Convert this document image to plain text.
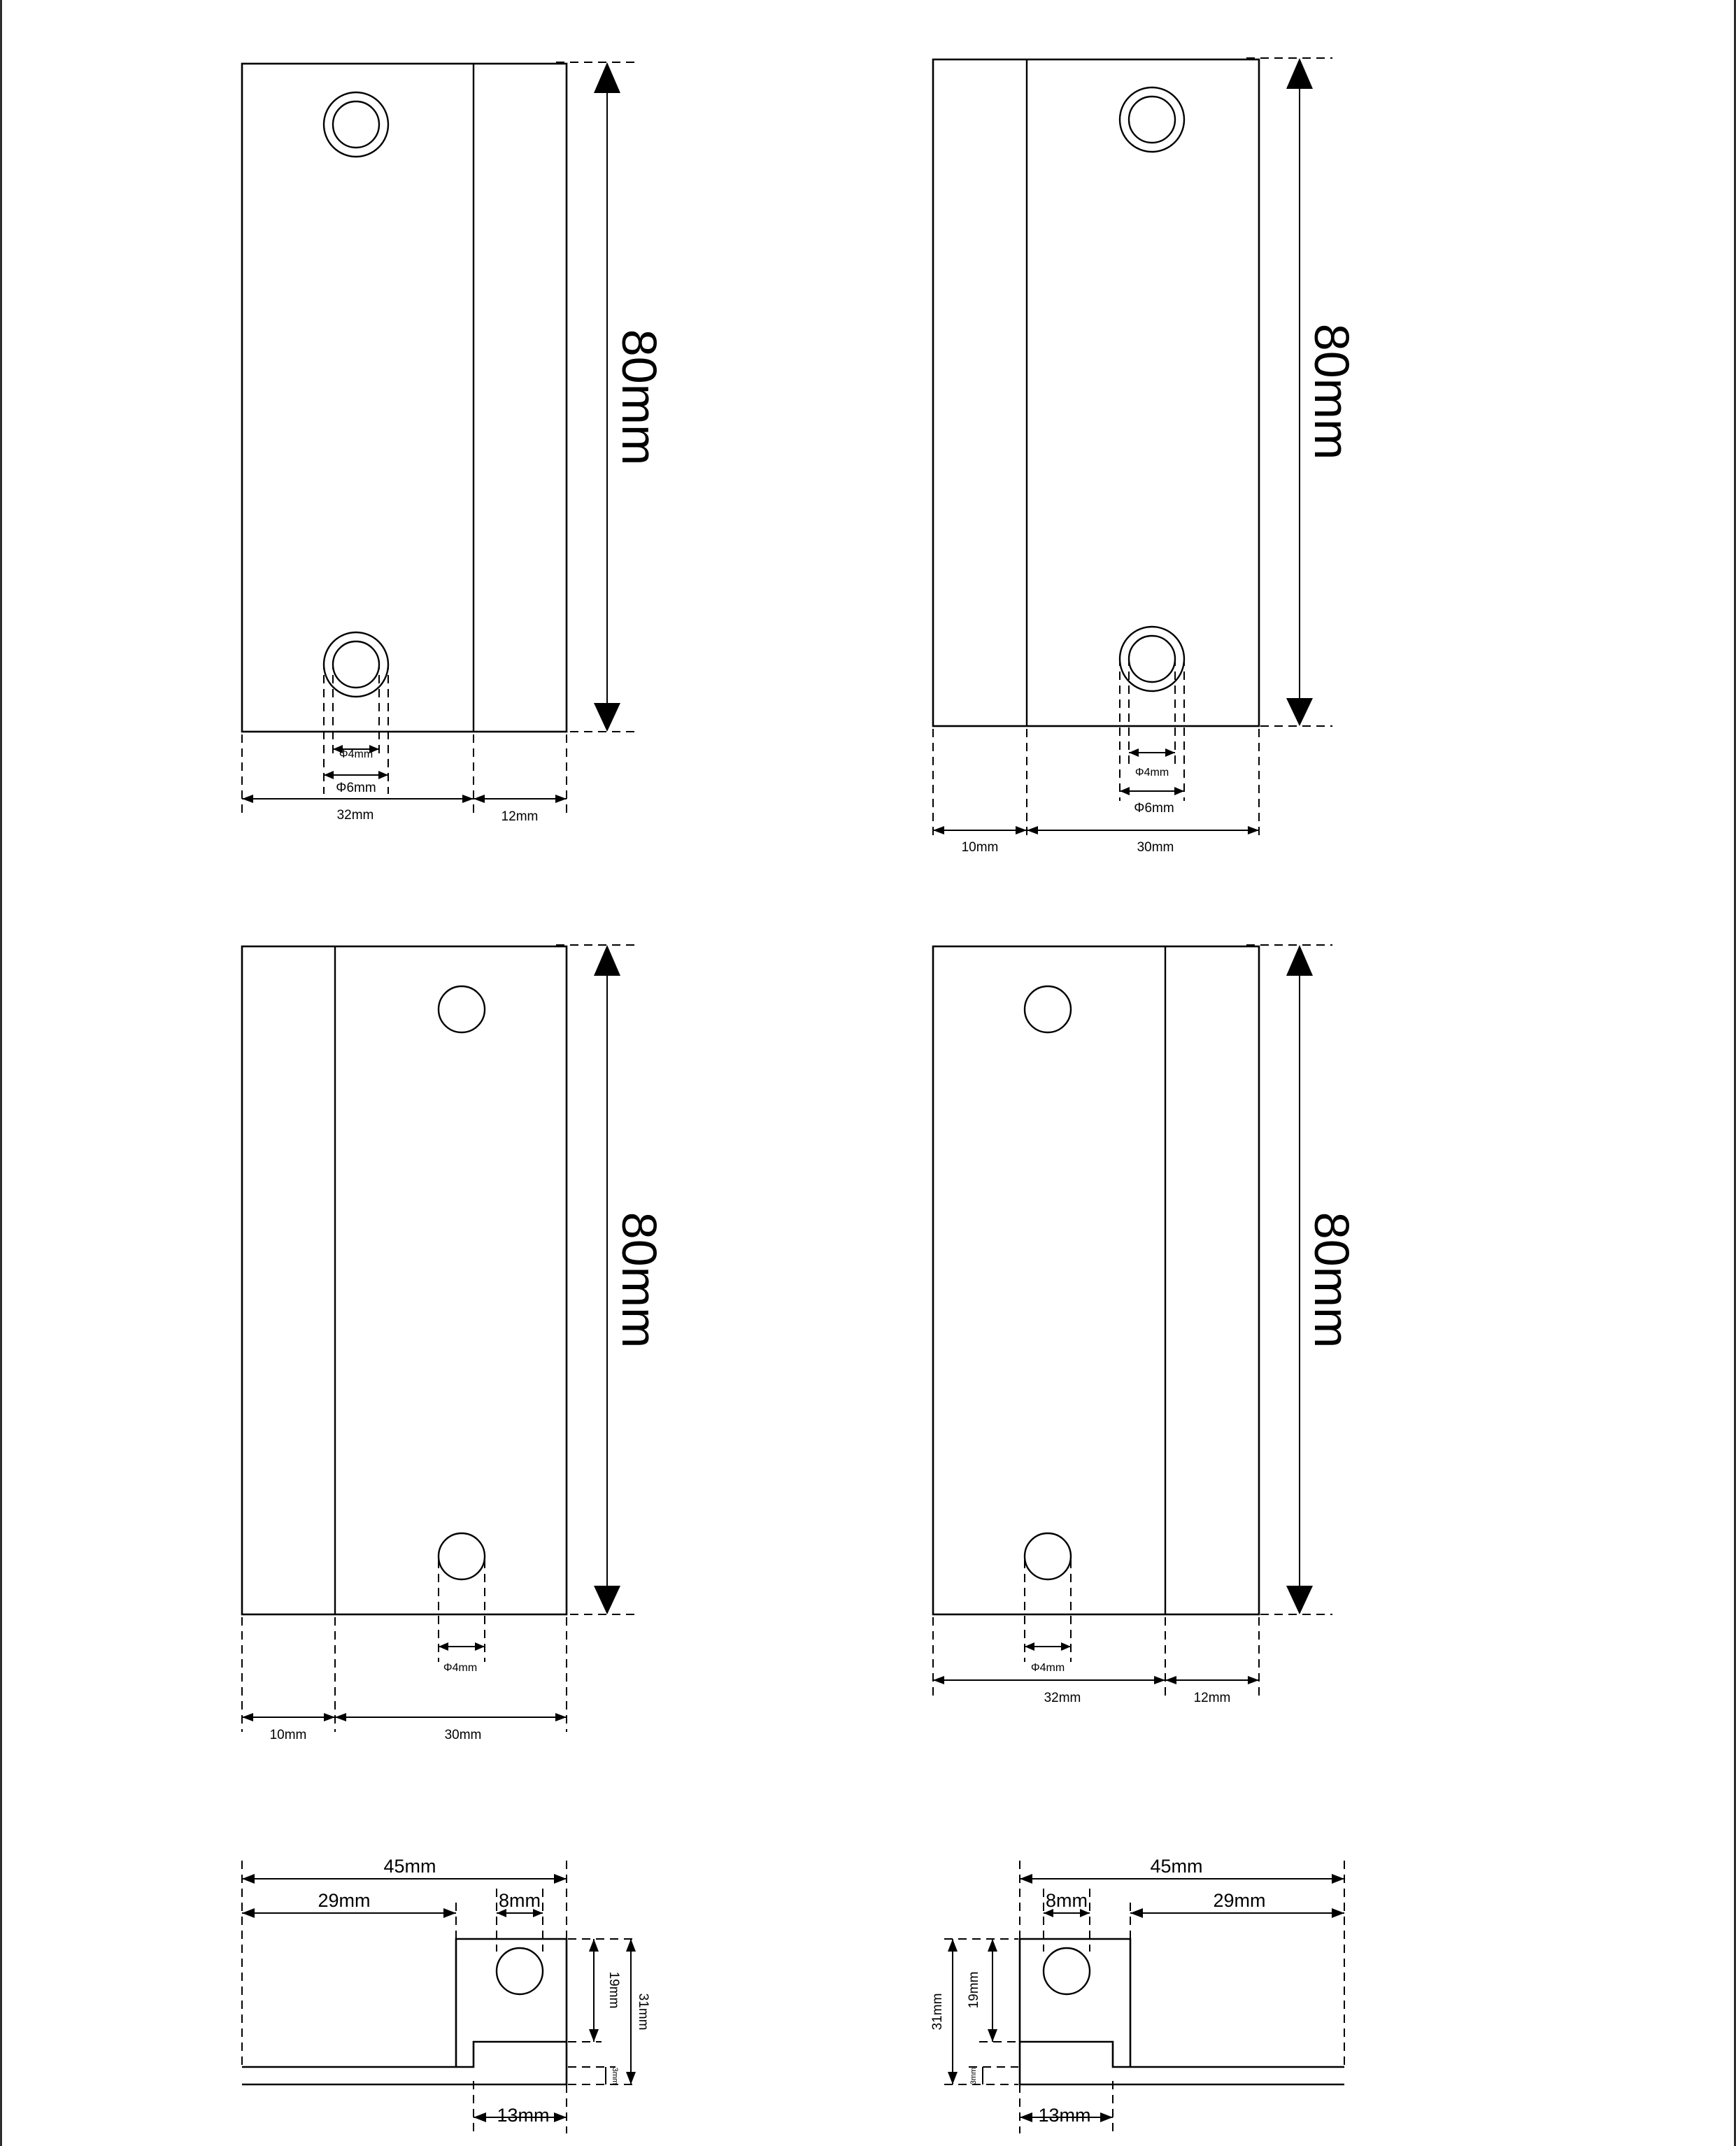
80mm
Φ4mm
Φ6mm
32mm	12mm
80mm
Φ4mm
Φ6mm
10mm	30mm
80mm
Φ4mm
10mm	30mm
80mm
Φ4mm
32mm	12mm
45mm
29mm	8mm
19mm
31mm
3mm
13mm
45mm
29mm
8mm
19mm
31mm
3mm
13mm
